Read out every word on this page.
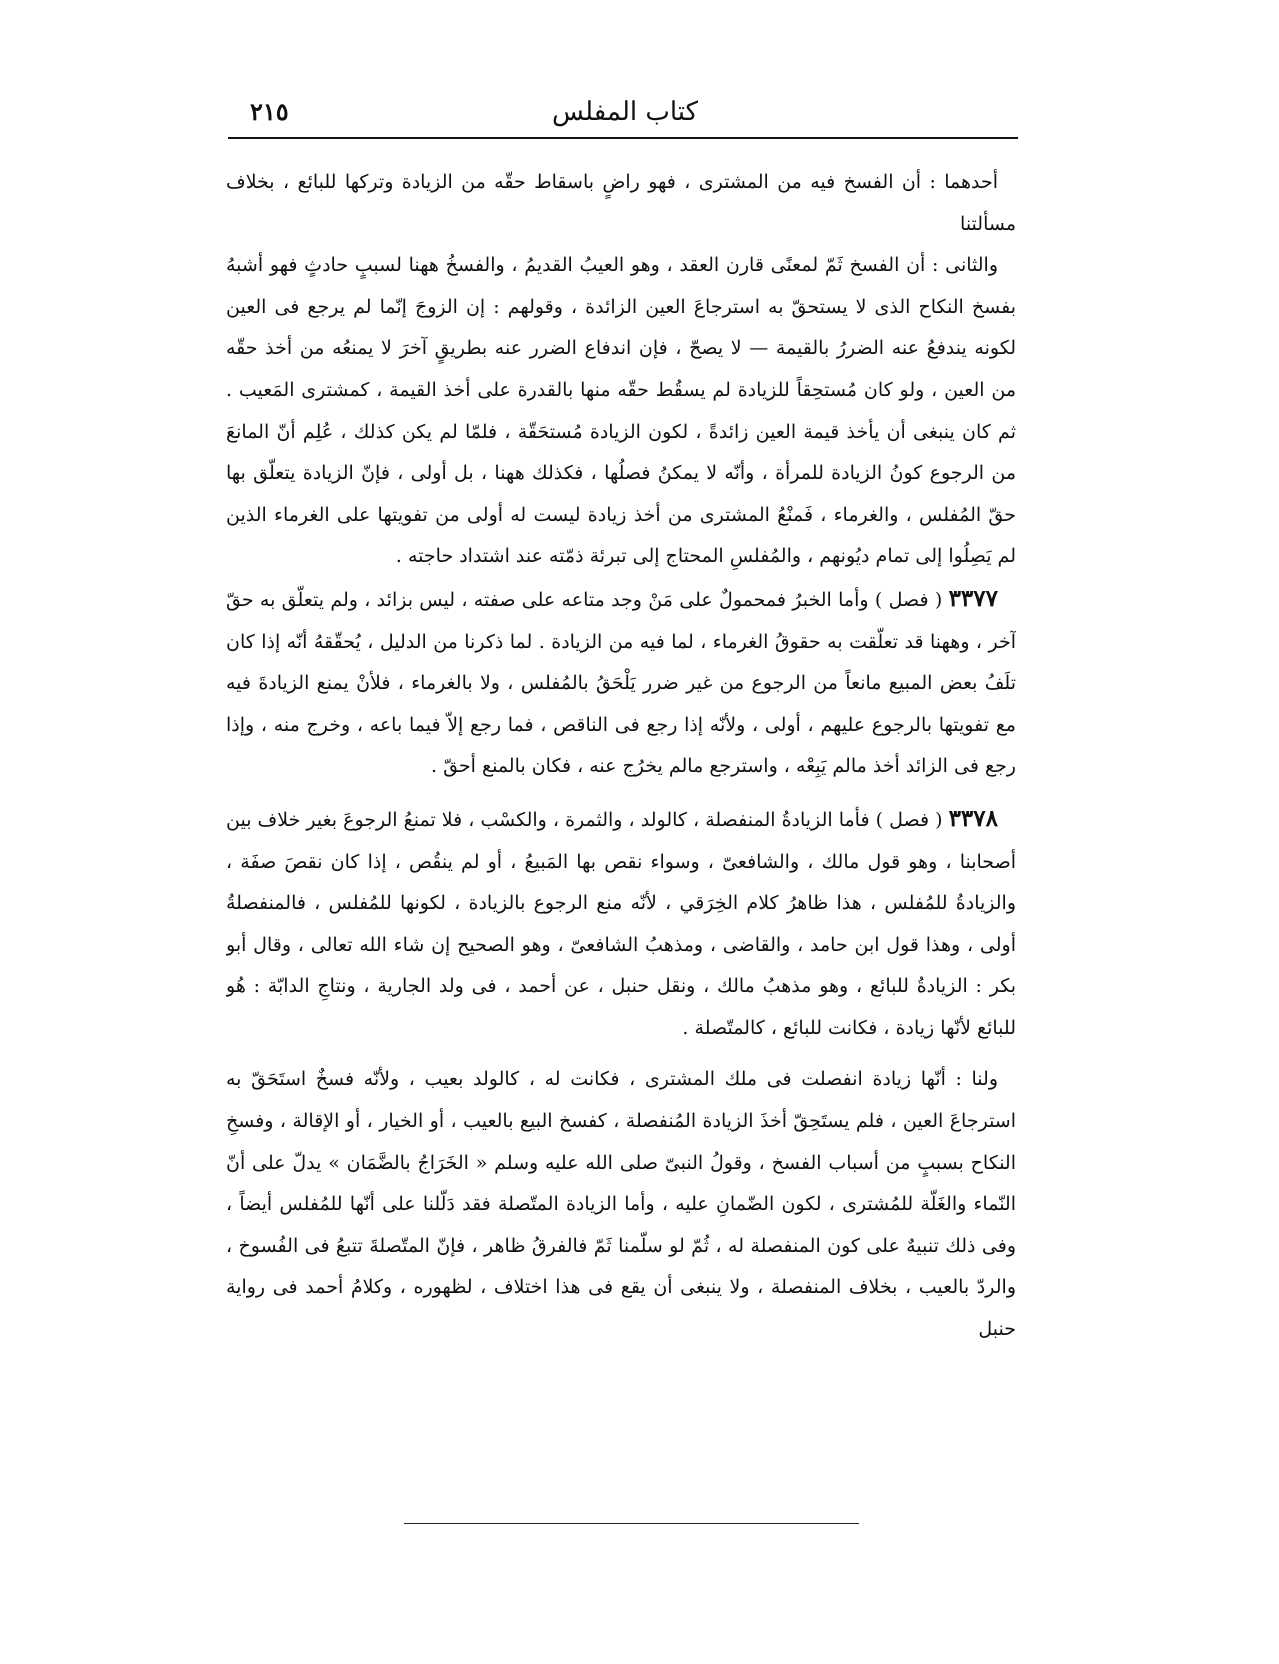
كتاب المفلس
٢١٥

أحدهما : أن الفسخ فيه من المشترى ، فهو راضٍ باسقاط حقّه من الزيادة وتركها للبائع ، بخلاف مسألتنا

والثانى : أن الفسخ ثَمّ لمعنًى قارن العقد ، وهو العيبُ القديمُ ، والفسخُ ههنا لسببٍ حادثٍ فهو أشبهُ بفسخ النكاح الذى لا يستحقّ به استرجاعَ العين الزائدة ، وقولهم : إن الزوجَ إنّما لم يرجع فى العين لكونه يندفعُ عنه الضررُ بالقيمة — لا يصحّ ، فإن اندفاع الضرر عنه بطريقٍ آخرَ لا يمنعُه من أخذ حقّه من العين ، ولو كان مُستحِقاً للزيادة لم يسقُط حقّه منها بالقدرة على أخذ القيمة ، كمشترى المَعيب . ثم كان ينبغى أن يأخذ قيمة العين زائدةً ، لكون الزيادة مُستحَقّة ، فلمّا لم يكن كذلك ، عُلِم أنّ المانعَ من الرجوع كونُ الزيادة للمرأة ، وأنّه لا يمكنُ فصلُها ، فكذلك ههنا ، بل أولى ، فإنّ الزيادة يتعلّق بها حقّ المُفلس ، والغرماء ، فَمنْعُ المشترى من أخذ زيادة ليست له أولى من تفويتها على الغرماء الذين لم يَصِلُوا إلى تمام ديُونهم ، والمُفلسِ المحتاج إلى تبرئة ذمّته عند اشتداد حاجته .

٣٣٧٧ ( فصل ) وأما الخبرُ فمحمولٌ على مَنْ وجد متاعه على صفته ، ليس بزائد ، ولم يتعلّق به حقّ آخر ، وههنا قد تعلّقت به حقوقُ الغرماء ، لما فيه من الزيادة . لما ذكرنا من الدليل ، يُحقّقهُ أنّه إذا كان تلَفُ بعض المبيع مانعاً من الرجوع من غير ضرر يَلْحَقُ بالمُفلس ، ولا بالغرماء ، فلأنْ يمنع الزيادةَ فيه مع تفويتها بالرجوع عليهم ، أولى ، ولأنّه إذا رجع فى الناقص ، فما رجع إلاّ فيما باعه ، وخرج منه ، وإذا رجع فى الزائد أخذ مالم يَبِعْه ، واسترجع مالم يخرُج عنه ، فكان بالمنع أحقّ .

٣٣٧٨ ( فصل ) فأما الزيادةُ المنفصلة ، كالولد ، والثمرة ، والكسْب ، فلا تمنعُ الرجوعَ بغير خلاف بين أصحابنا ، وهو قول مالك ، والشافعىّ ، وسواء نقص بها المَبيعُ ، أو لم ينقُص ، إذا كان نقصَ صفَة ، والزيادةُ للمُفلس ، هذا ظاهرُ كلام الخِرَقي ، لأنّه منع الرجوع بالزيادة ، لكونها للمُفلس ، فالمنفصلةُ أولى ، وهذا قول ابن حامد ، والقاضى ، ومذهبُ الشافعىّ ، وهو الصحيح إن شاء الله تعالى ، وقال أبو بكر : الزيادةُ للبائع ، وهو مذهبُ مالك ، ونقل حنبل ، عن أحمد ، فى ولد الجارية ، ونتاجِ الدابّة : هُو للبائع لأنّها زيادة ، فكانت للبائع ، كالمتّصلة .

ولنا : أنّها زيادة انفصلت فى ملك المشترى ، فكانت له ، كالولد بعيب ، ولأنّه فسخٌ استَحَقّ به استرجاعَ العين ، فلم يستَحِقّ أخذَ الزيادة المُنفصلة ، كفسخ البيع بالعيب ، أو الخيار ، أو الإقالة ، وفسخِ النكاح بسببٍ من أسباب الفسخ ، وقولُ النبىّ صلى الله عليه وسلم « الخَرَاجُ بالضَّمَان » يدلّ على أنّ النّماء والغَلّة للمُشترى ، لكون الضّمانِ عليه ، وأما الزيادة المتّصلة فقد دَلّلنا على أنّها للمُفلس أيضاً ، وفى ذلك تنبيهٌ على كون المنفصلة له ، ثُمّ لو سلّمنا ثَمّ فالفرقُ ظاهر ، فإنّ المتّصلةَ تتبعُ فى الفُسوخ ، والردّ بالعيب ، بخلاف المنفصلة ، ولا ينبغى أن يقع فى هذا اختلاف ، لظهوره ، وكلامُ أحمد فى رواية حنبل
